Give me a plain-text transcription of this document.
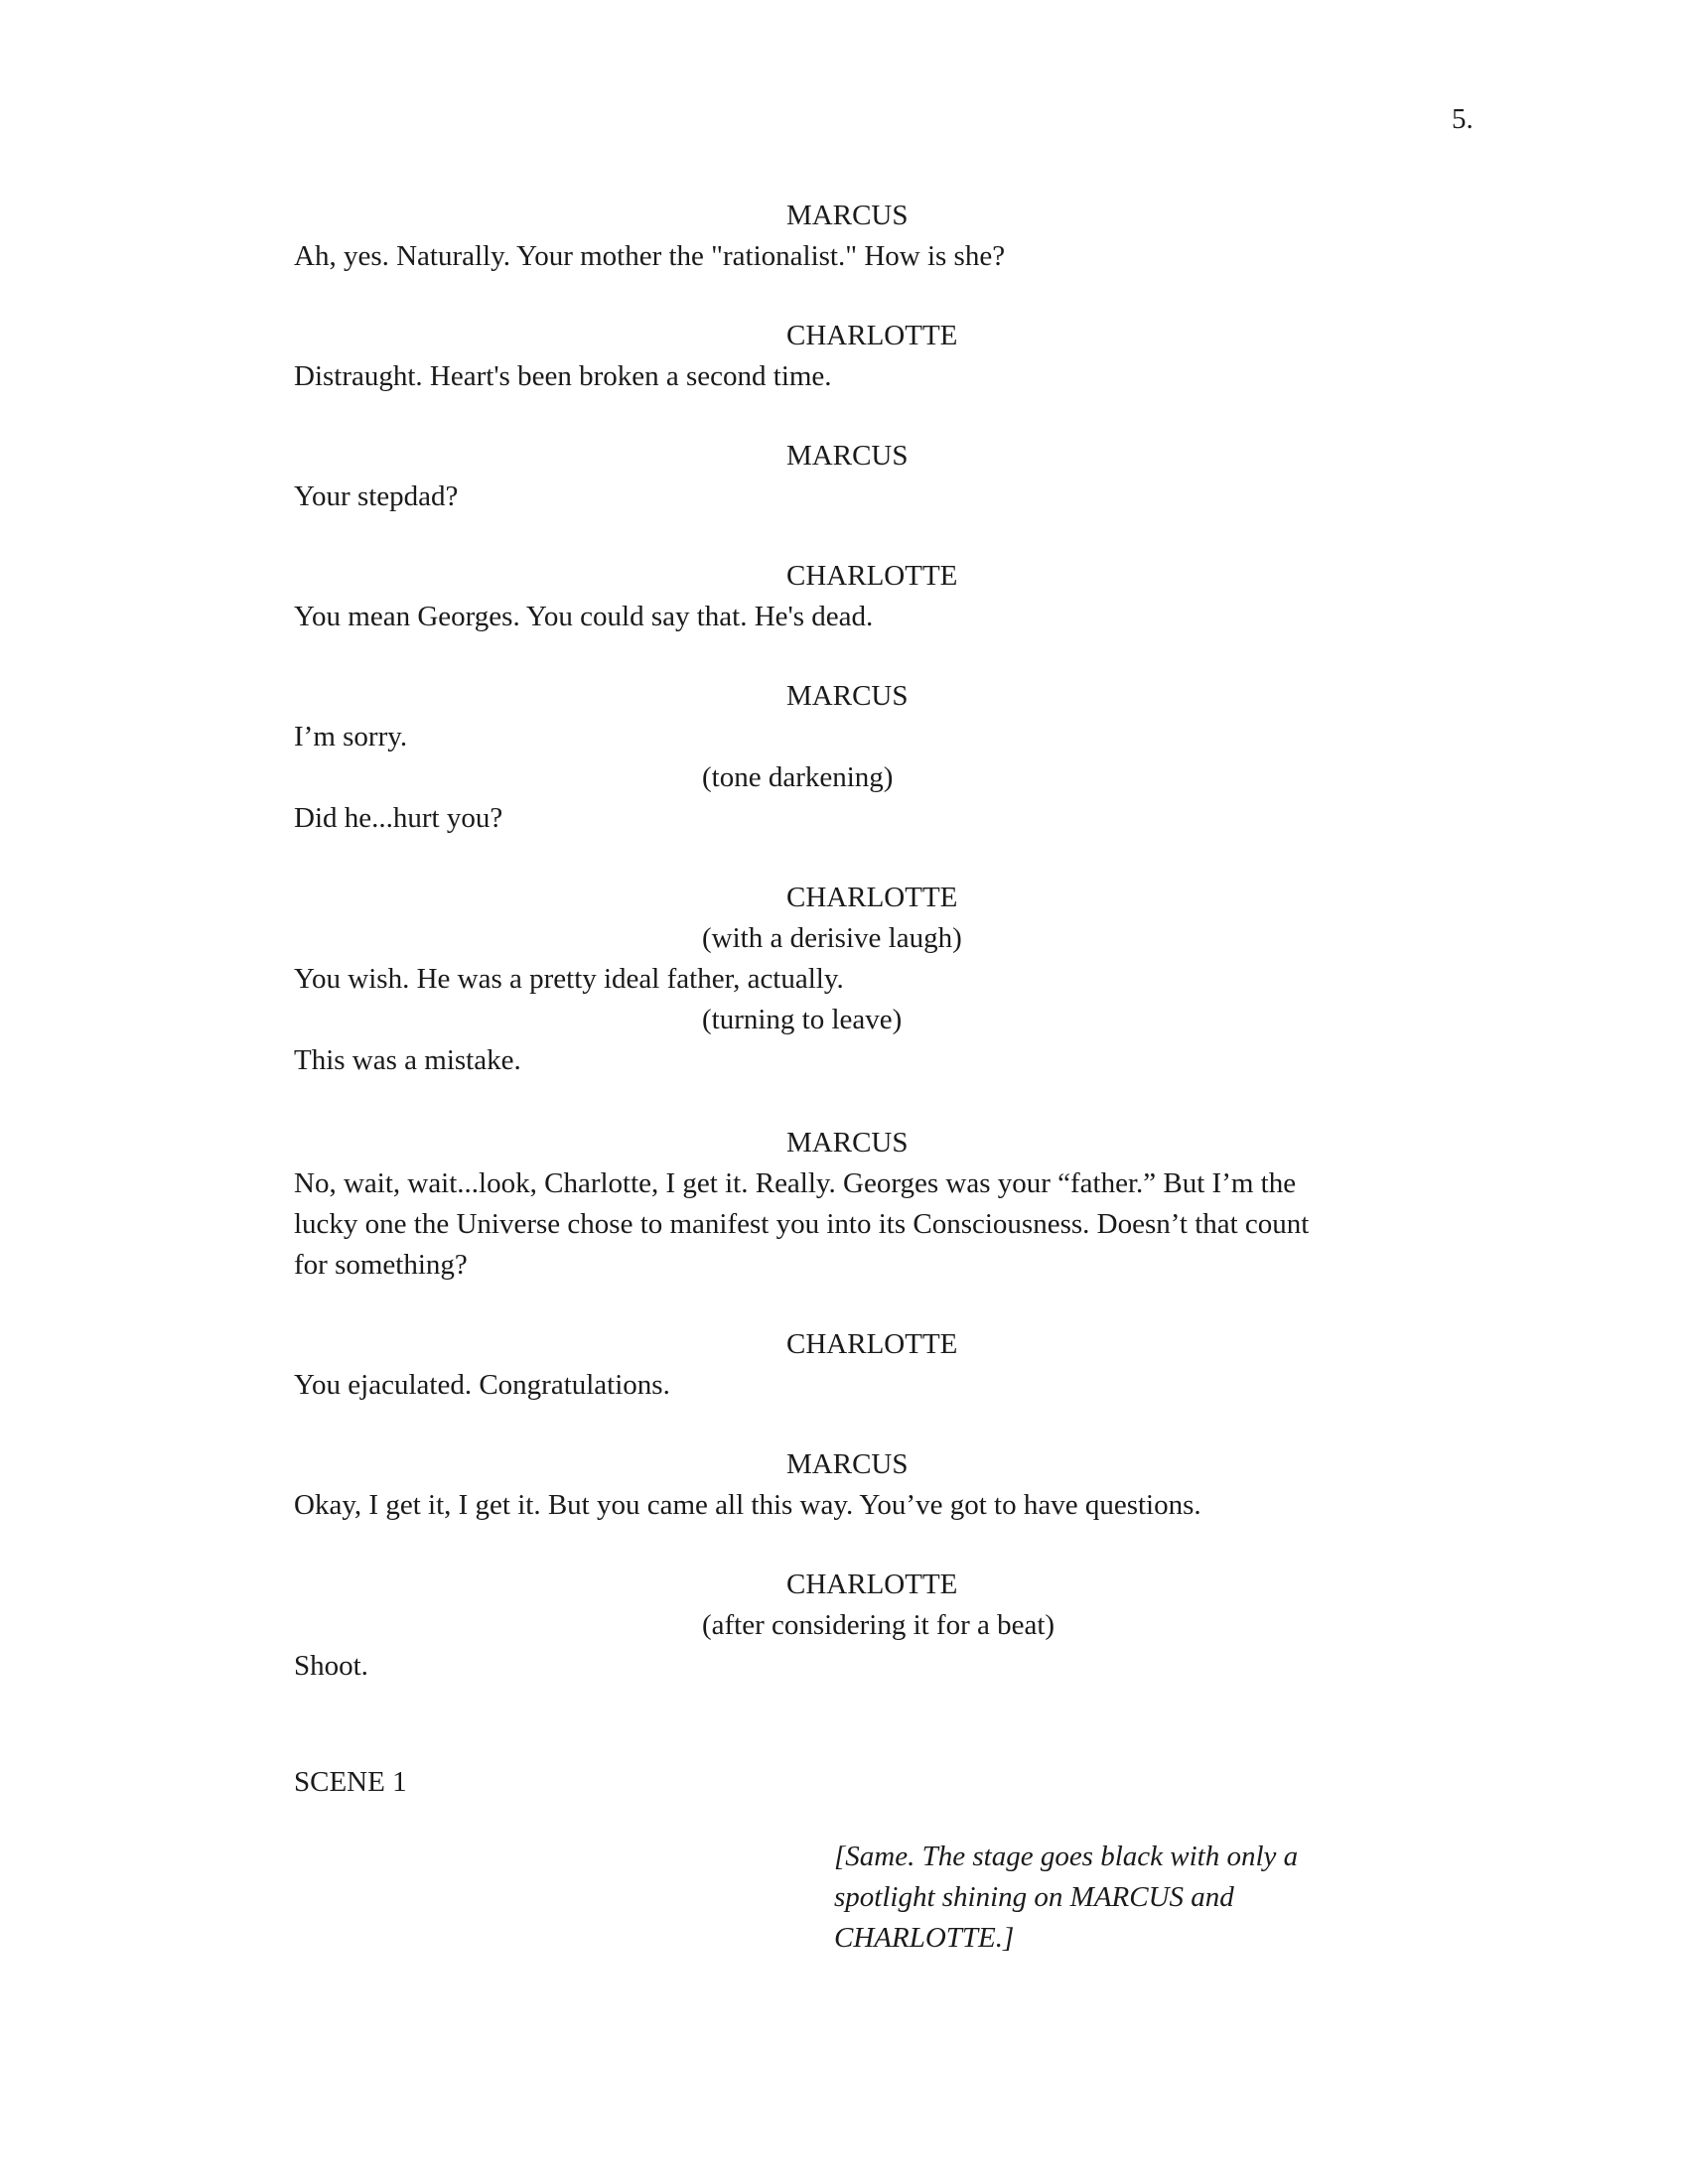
5.

MARCUS

Ah, yes. Naturally. Your mother the "rationalist." How is she?

CHARLOTTE

Distraught. Heart's been broken a second time.

MARCUS

Your stepdad?

CHARLOTTE

You mean Georges. You could say that. He's dead.

MARCUS

I’m sorry.

(tone darkening)

Did he...hurt you?

CHARLOTTE

(with a derisive laugh)

You wish. He was a pretty ideal father, actually.

(turning to leave)

This was a mistake.

MARCUS

No, wait, wait...look, Charlotte, I get it. Really. Georges was your “father.” But I’m the

lucky one the Universe chose to manifest you into its Consciousness. Doesn’t that count

for something?

CHARLOTTE

You ejaculated. Congratulations.

MARCUS

Okay, I get it, I get it. But you came all this way. You’ve got to have questions.

CHARLOTTE

(after considering it for a beat)

Shoot.

SCENE 1

[Same. The stage goes black with only a
spotlight shining on MARCUS and
CHARLOTTE.]
